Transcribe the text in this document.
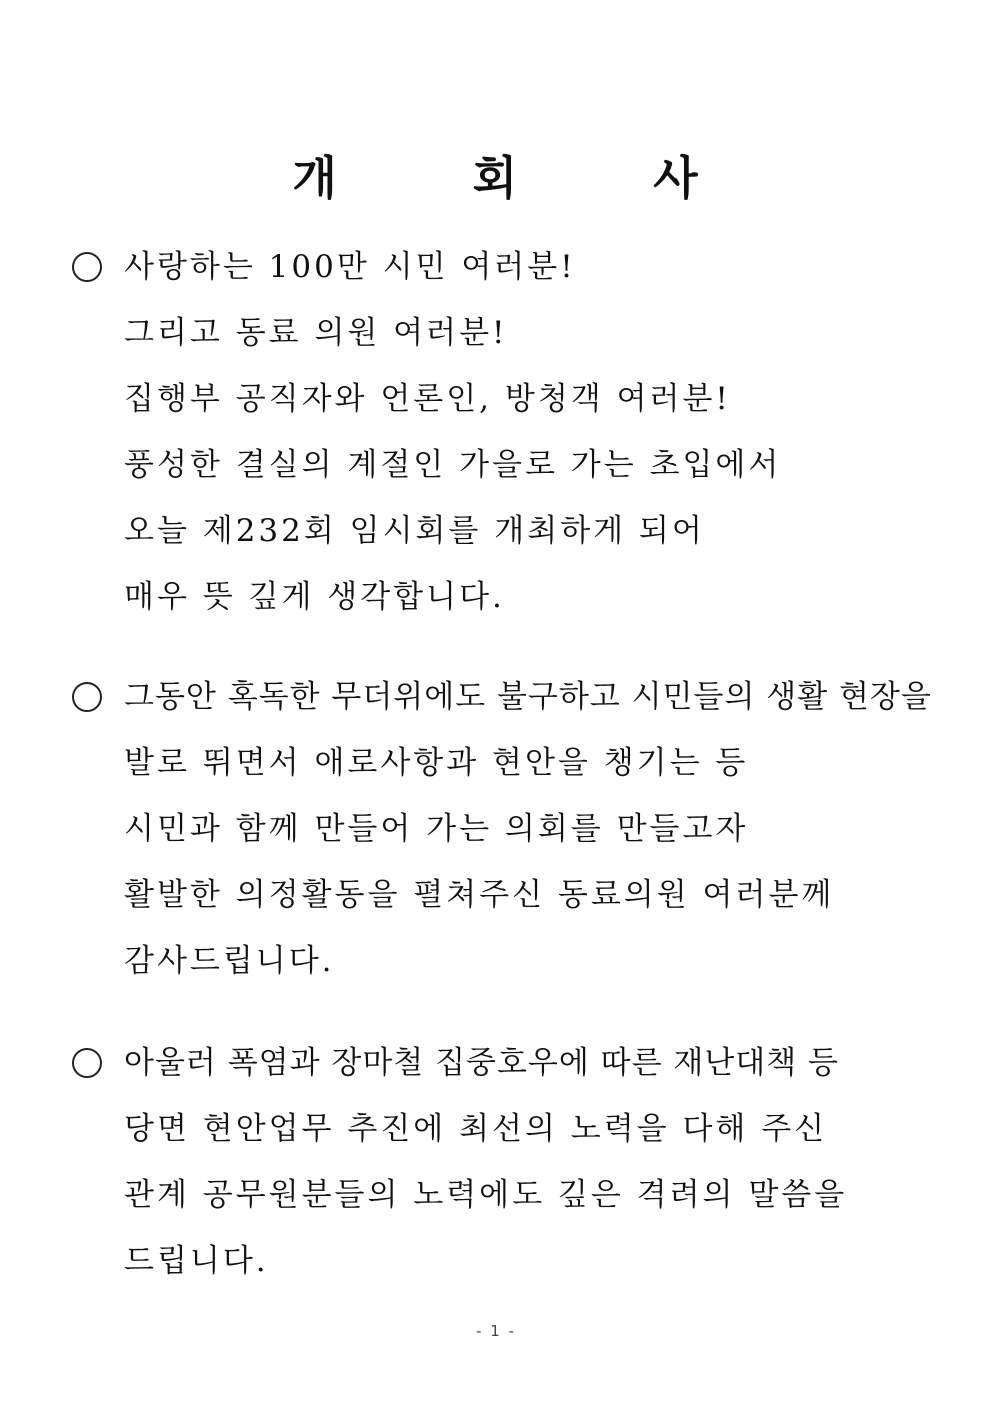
개	회	사
사랑하는 100만 시민 여러분!
그리고 동료 의원 여러분!
집행부 공직자와 언론인, 방청객 여러분!
풍성한 결실의 계절인 가을로 가는 초입에서
오늘 제232회 임시회를 개최하게 되어
매우 뜻 깊게 생각합니다.
그동안 혹독한 무더위에도 불구하고 시민들의 생활 현장을
발로 뛰면서 애로사항과 현안을 챙기는 등
시민과 함께 만들어 가는 의회를 만들고자
활발한 의정활동을 펼쳐주신 동료의원 여러분께
감사드립니다.
아울러 폭염과 장마철 집중호우에 따른 재난대책 등
당면 현안업무 추진에 최선의 노력을 다해 주신
관계 공무원분들의 노력에도 깊은 격려의 말씀을
드립니다.
- 1 -
